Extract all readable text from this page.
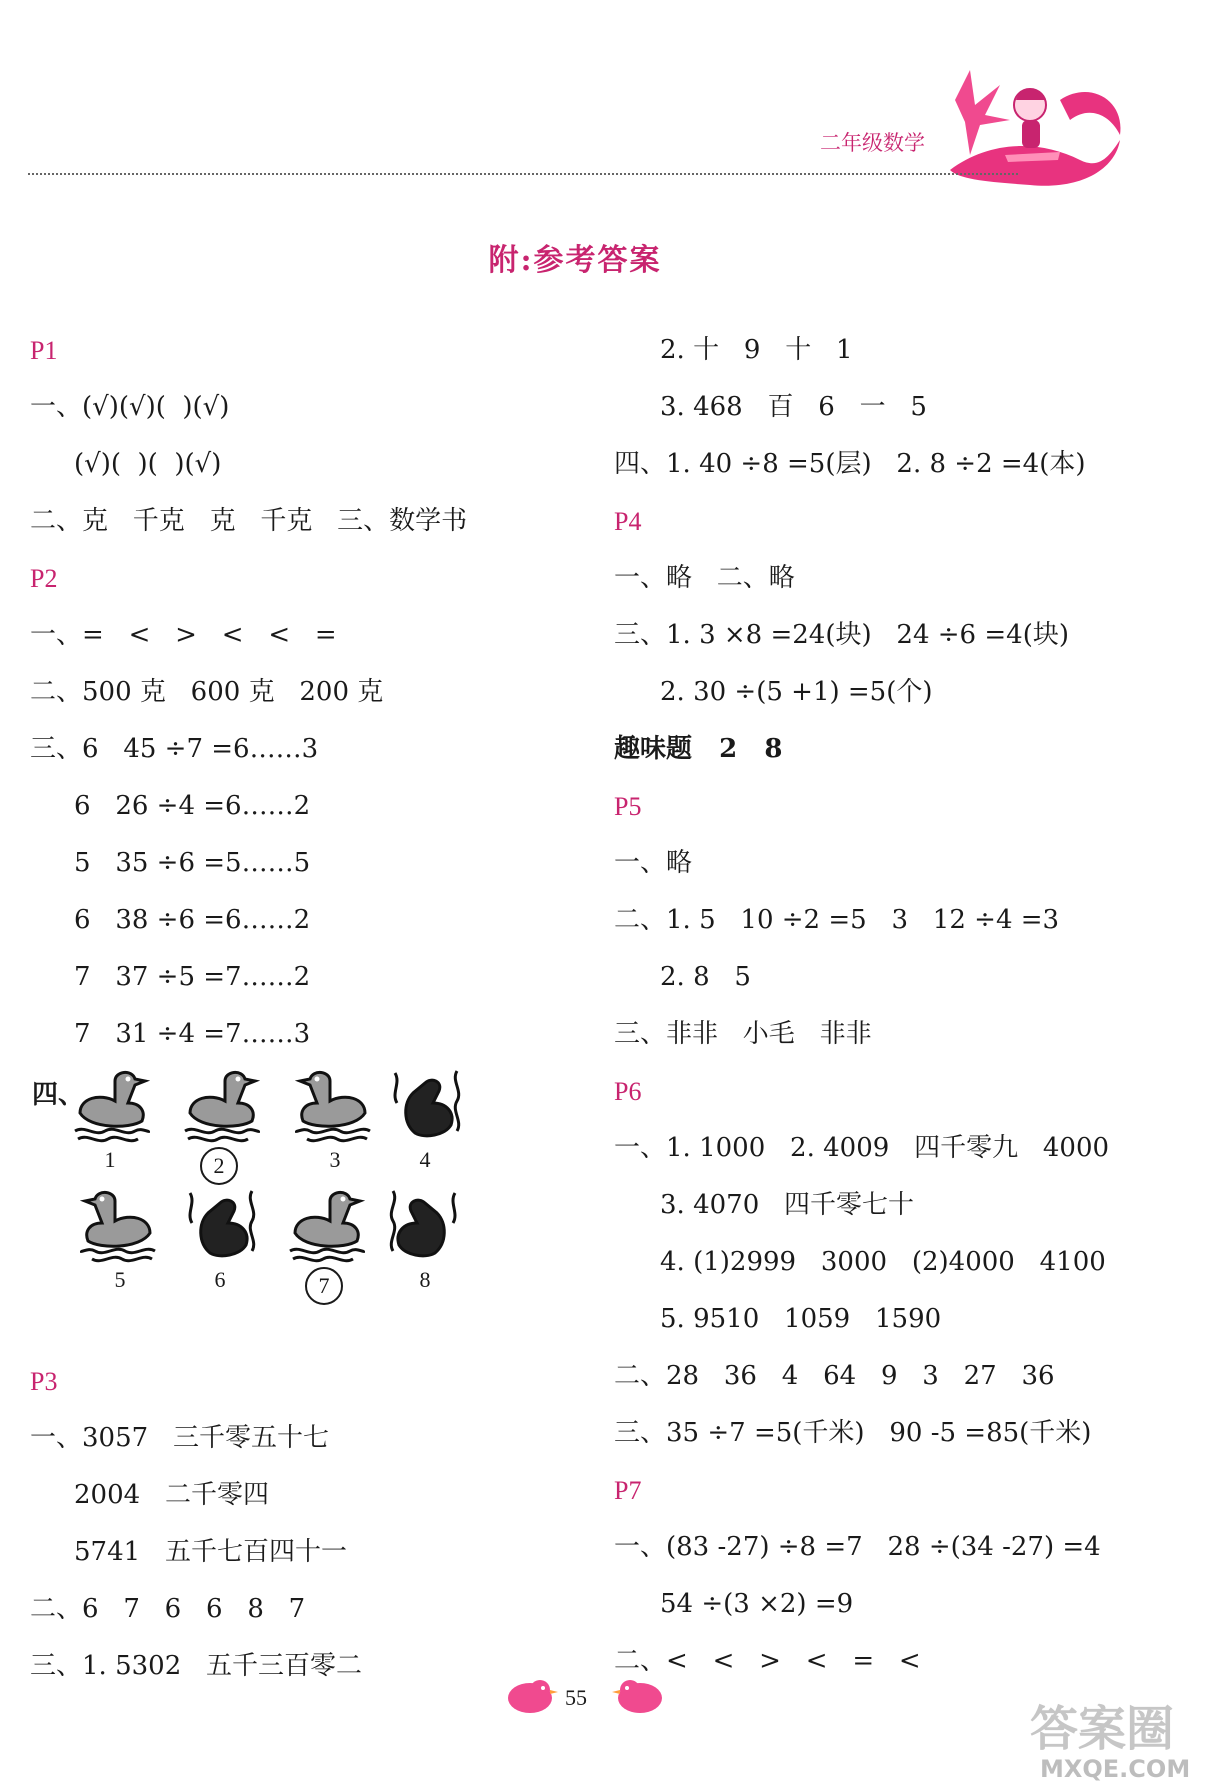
二年级数学
附:参考答案
P1
一、(√)(√)(  )(√)
(√)(  )(  )(√)
二、克   千克   克   千克   三、数学书
P2
一、=   <   >   <   <   =
二、500 克   600 克   200 克
三、6   45 ÷7 =6……3
6   26 ÷4 =6……2
5   35 ÷6 =5……5
6   38 ÷6 =6……2
7   37 ÷5 =7……2
7   31 ÷4 =7……3
四、
1	2	3	4
5	6	7	8
P3
一、3057   三千零五十七
2004   二千零四
5741   五千七百四十一
二、6   7   6   6   8   7
三、1. 5302   五千三百零二
2. 十   9   十   1
3. 468   百   6   一   5
四、1. 40 ÷8 =5(层)   2. 8 ÷2 =4(本)
P4
一、略   二、略
三、1. 3 ×8 =24(块)   24 ÷6 =4(块)
2. 30 ÷(5 +1) =5(个)
趣味题   2   8
P5
一、略
二、1. 5   10 ÷2 =5   3   12 ÷4 =3
2. 8   5
三、非非   小毛   非非
P6
一、1. 1000   2. 4009   四千零九   4000
3. 4070   四千零七十
4. (1)2999   3000   (2)4000   4100
5. 9510   1059   1590
二、28   36   4   64   9   3   27   36
三、35 ÷7 =5(千米)   90 -5 =85(千米)
P7
一、(83 -27) ÷8 =7   28 ÷(34 -27) =4
54 ÷(3 ×2) =9
二、<   <   >   <   =   <
55
答案圈
MXQE.COM
